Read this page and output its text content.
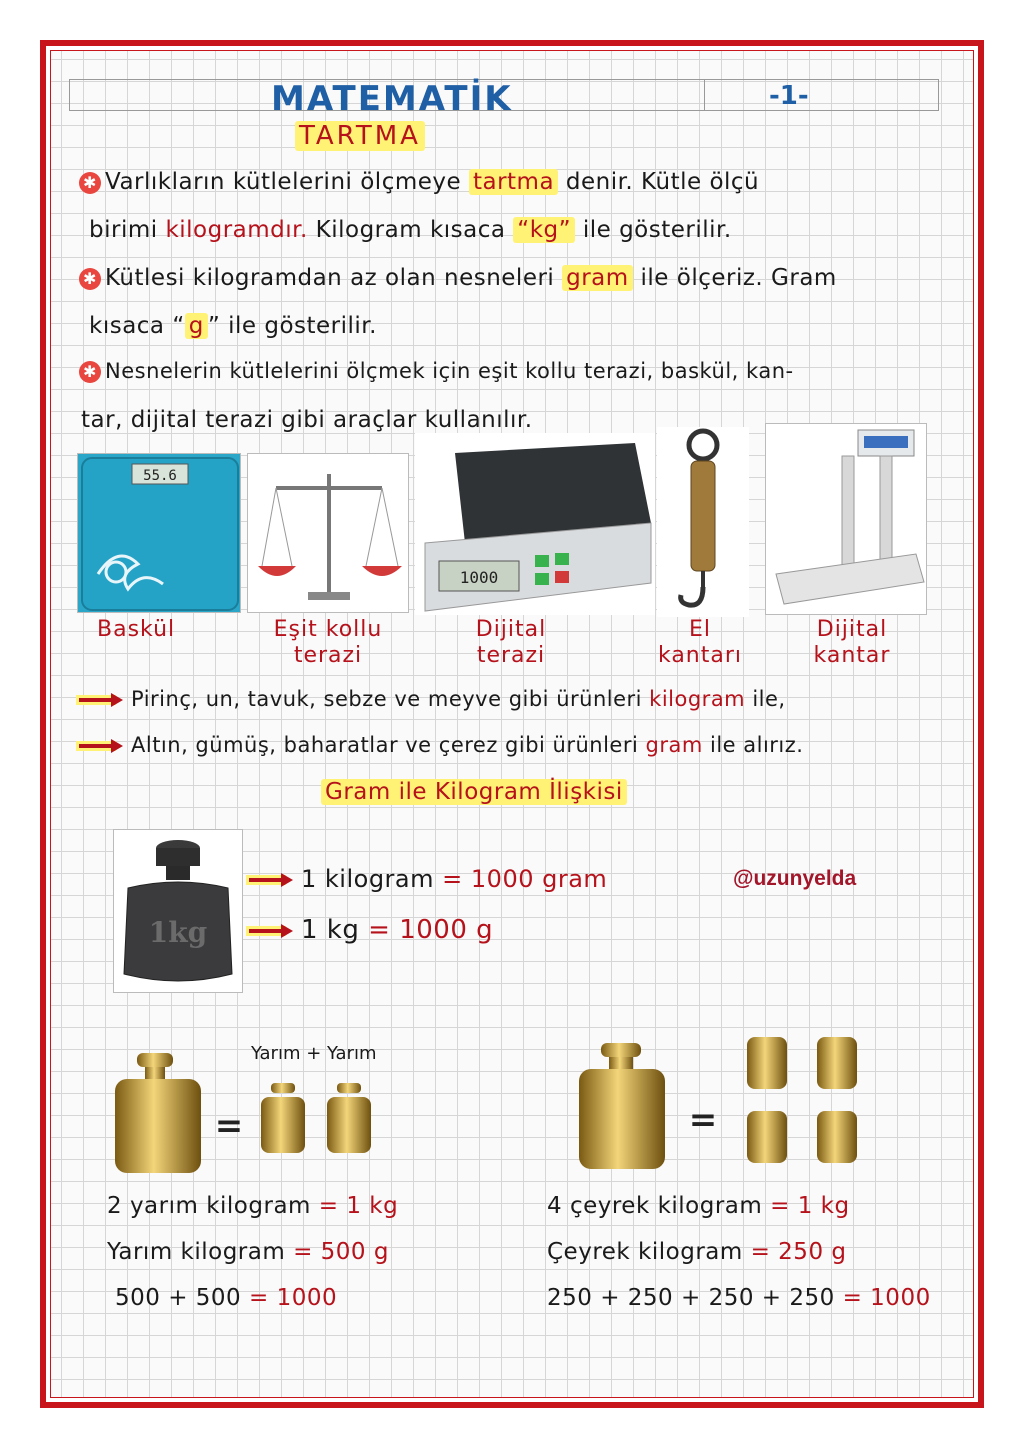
MATEMATİK	-1-
TARTMA
✱ Varlıkların kütlelerini ölçmeye tartma denir. Kütle ölçü
birimi kilogramdır. Kilogram kısaca “kg” ile gösterilir.
✱ Kütlesi kilogramdan az olan nesneleri gram ile ölçeriz. Gram
kısaca “ g ” ile gösterilir.
✱ Nesnelerin kütlelerini ölçmek için eşit kollu terazi, baskül, kan-
tar, dijital terazi gibi araçlar kullanılır.
55.6
1000
Baskül	Eşit kollu
terazi
Dijital
terazi
El
kantarı
Dijital
kantar
Pirinç, un, tavuk, sebze ve meyve gibi ürünleri kilogram ile,
Altın, gümüş, baharatlar ve çerez gibi ürünleri gram ile alırız.
Gram ile Kilogram İlişkisi
1kg
1 kilogram = 1000 gram
1 kg = 1000 g
@uzunyelda
Yarım + Yarım
=	=
2 yarım kilogram = 1 kg
Yarım kilogram = 500 g
500 + 500 = 1000
4 çeyrek kilogram = 1 kg
Çeyrek kilogram = 250 g
250 + 250 + 250 + 250 = 1000
